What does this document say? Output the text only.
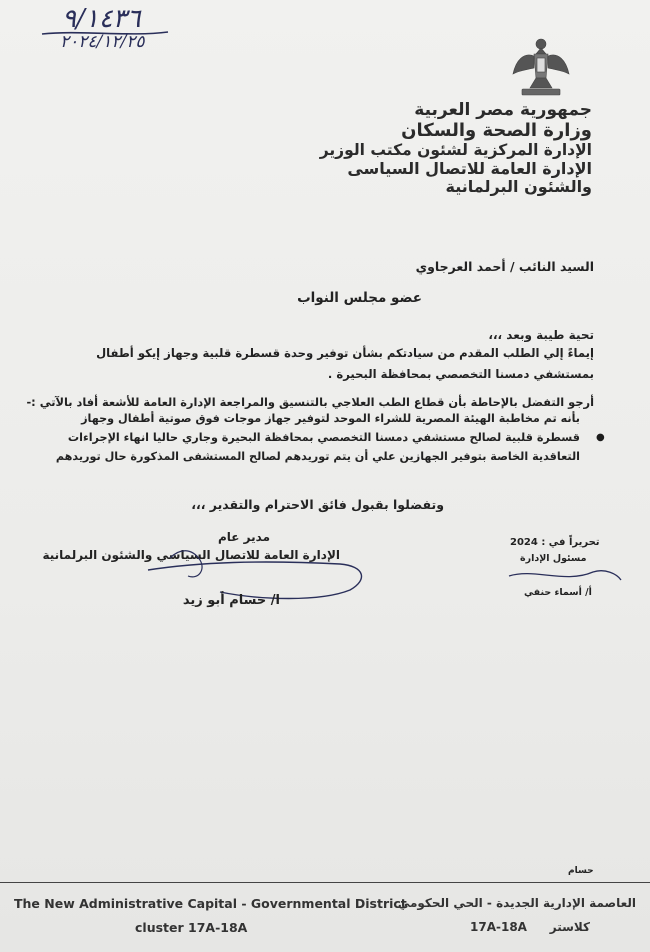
٩/١٤٣٦
٢٠٢٤/١٢/٢٥
جمهورية مصر العربية
وزارة الصحة والسكان
الإدارة المركزية لشئون مكتب الوزير
الإدارة العامة للاتصال السياسى
والشئون البرلمانية
السيد النائب / أحمد العرجاوي
عضو مجلس النواب
تحية طيبة وبعد ،،،
إيماءً إلي الطلب المقدم من سيادتكم بشأن توفير وحدة قسطرة قلبية وجهاز إيكو أطفال
بمستشفي دمسنا التخصصي بمحافظة البحيرة .
أرجو التفضل بالإحاطة بأن قطاع الطب العلاجي بالتنسيق والمراجعة الإدارة العامة للأشعة أفاد بالآتي :-
●
بأنه تم مخاطبة الهيئة المصرية للشراء الموحد لتوفير جهاز موجات فوق صوتية أطفال وجهاز
قسطرة قلبية لصالح مستشفي دمسنا التخصصي بمحافظة البحيرة وجاري حاليا انهاء الإجراءات
التعاقدية الخاصة بتوفير الجهازين علي أن يتم توريدهم لصالح المستشفى المذكورة حال توريدهم
وتفضلوا بقبول فائق الاحترام والتقدير ،،،
مدير عام
الإدارة العامة للاتصال السياسي والشئون البرلمانية
ا/ حسام أبو زيد
تحريراً في : 2024
مسئول الإدارة
أ/ أسماء حنفي
حسام
The New Administrative Capital - Governmental District
العاصمة الإدارية الجديدة - الحي الحكومي
cluster 17A-18A	17A-18A كلاستر
